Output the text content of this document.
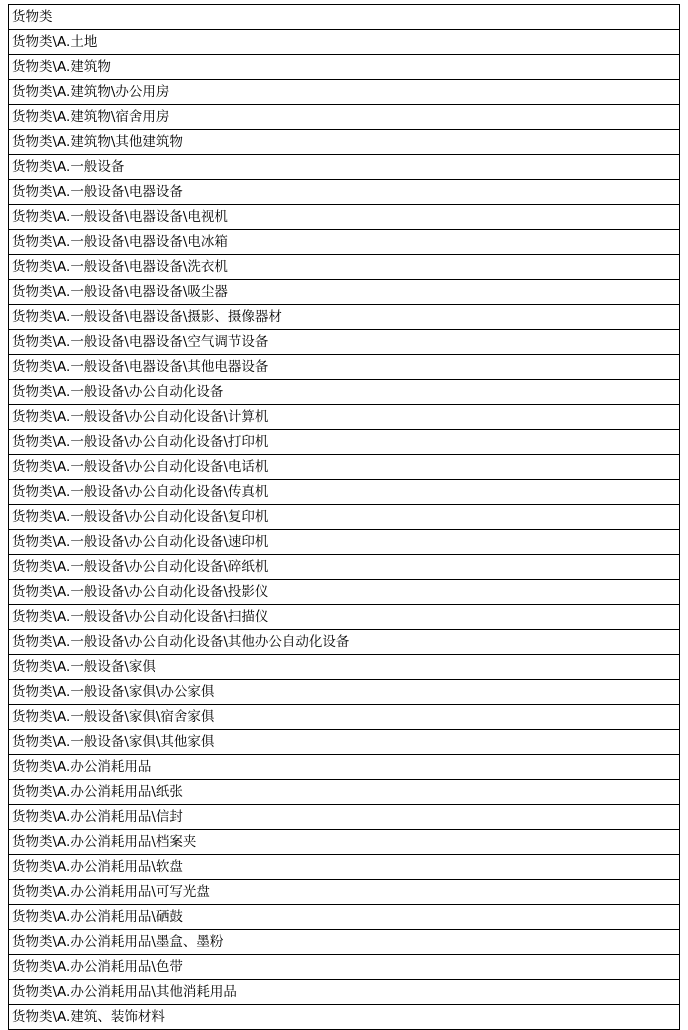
货物类
货物类\A.土地
货物类\A.建筑物
货物类\A.建筑物\办公用房
货物类\A.建筑物\宿舍用房
货物类\A.建筑物\其他建筑物
货物类\A.一般设备
货物类\A.一般设备\电器设备
货物类\A.一般设备\电器设备\电视机
货物类\A.一般设备\电器设备\电冰箱
货物类\A.一般设备\电器设备\洗衣机
货物类\A.一般设备\电器设备\吸尘器
货物类\A.一般设备\电器设备\摄影、摄像器材
货物类\A.一般设备\电器设备\空气调节设备
货物类\A.一般设备\电器设备\其他电器设备
货物类\A.一般设备\办公自动化设备
货物类\A.一般设备\办公自动化设备\计算机
货物类\A.一般设备\办公自动化设备\打印机
货物类\A.一般设备\办公自动化设备\电话机
货物类\A.一般设备\办公自动化设备\传真机
货物类\A.一般设备\办公自动化设备\复印机
货物类\A.一般设备\办公自动化设备\速印机
货物类\A.一般设备\办公自动化设备\碎纸机
货物类\A.一般设备\办公自动化设备\投影仪
货物类\A.一般设备\办公自动化设备\扫描仪
货物类\A.一般设备\办公自动化设备\其他办公自动化设备
货物类\A.一般设备\家俱
货物类\A.一般设备\家俱\办公家俱
货物类\A.一般设备\家俱\宿舍家俱
货物类\A.一般设备\家俱\其他家俱
货物类\A.办公消耗用品
货物类\A.办公消耗用品\纸张
货物类\A.办公消耗用品\信封
货物类\A.办公消耗用品\档案夹
货物类\A.办公消耗用品\软盘
货物类\A.办公消耗用品\可写光盘
货物类\A.办公消耗用品\硒鼓
货物类\A.办公消耗用品\墨盒、墨粉
货物类\A.办公消耗用品\色带
货物类\A.办公消耗用品\其他消耗用品
货物类\A.建筑、装饰材料
